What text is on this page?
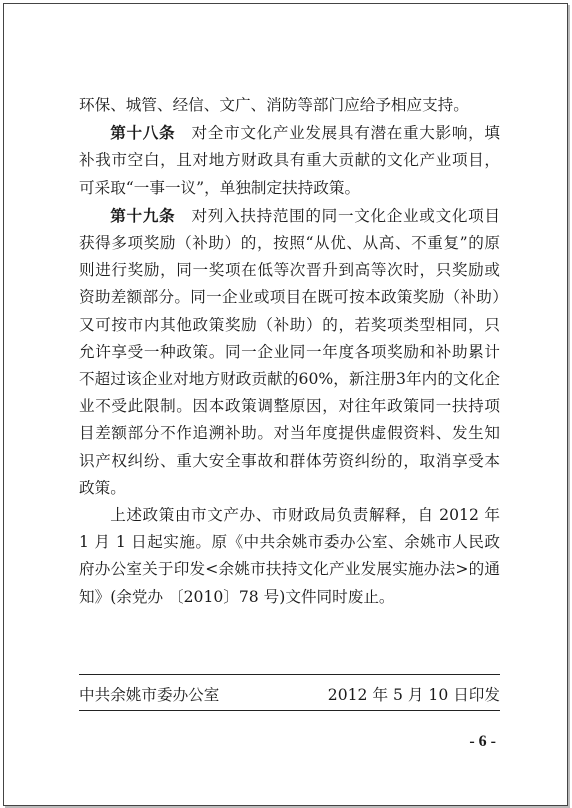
环保、城管、经信、文广、消防等部门应给予相应支持。

第十八条　对全市文化产业发展具有潜在重大影响，填补我市空白，且对地方财政具有重大贡献的文化产业项目，可采取“一事一议”，单独制定扶持政策。

第十九条　对列入扶持范围的同一文化企业或文化项目获得多项奖励（补助）的，按照“从优、从高、不重复”的原则进行奖励，同一奖项在低等次晋升到高等次时，只奖励或资助差额部分。同一企业或项目在既可按本政策奖励（补助）又可按市内其他政策奖励（补助）的，若奖项类型相同，只允许享受一种政策。同一企业同一年度各项奖励和补助累计不超过该企业对地方财政贡献的60%，新注册3年内的文化企业不受此限制。因本政策调整原因，对往年政策同一扶持项目差额部分不作追溯补助。对当年度提供虚假资料、发生知识产权纠纷、重大安全事故和群体劳资纠纷的，取消享受本政策。

上述政策由市文产办、市财政局负责解释，自 2012 年 1 月 1 日起实施。原《中共余姚市委办公室、余姚市人民政府办公室关于印发<余姚市扶持文化产业发展实施办法>的通知》(余党办 〔2010〕78 号)文件同时废止。

中共余姚市委办公室	2012 年 5 月 10 日印发
- 6 -
